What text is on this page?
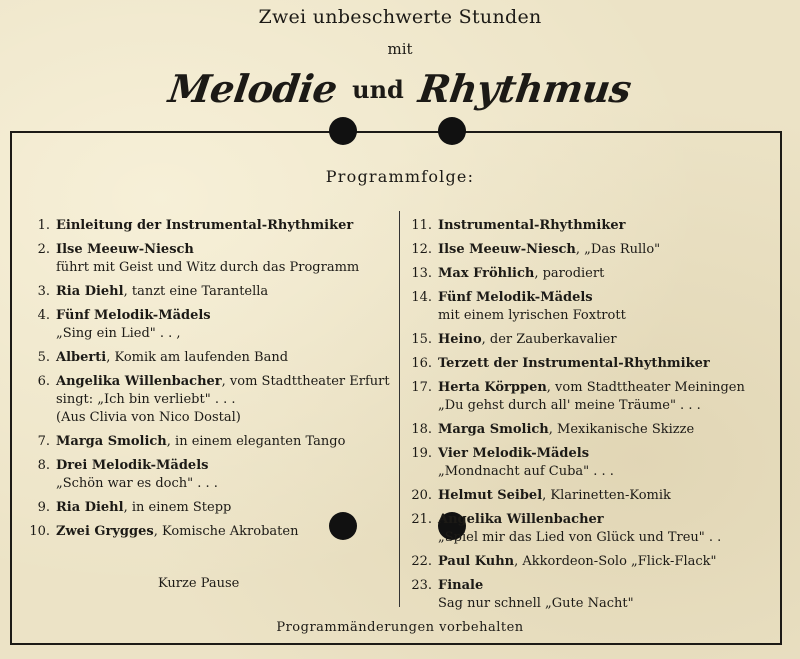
Zwei unbeschwerte Stunden
mit
Melodie und Rhythmus
Programmfolge:
1. Einleitung der Instrumental-Rhythmiker
2. Ilse Meeuw-Niesch
führt mit Geist und Witz durch das Programm
3. Ria Diehl, tanzt eine Tarantella
4. Fünf Melodik-Mädels
„Sing ein Lied" . . ,
5. Alberti, Komik am laufenden Band
6. Angelika Willenbacher, vom Stadttheater Erfurt
singt: „Ich bin verliebt" . . .
(Aus Clivia von Nico Dostal)
7. Marga Smolich, in einem eleganten Tango
8. Drei Melodik-Mädels
„Schön war es doch" . . .
9. Ria Diehl, in einem Stepp
10. Zwei Grygges, Komische Akrobaten
Kurze Pause
11. Instrumental-Rhythmiker
12. Ilse Meeuw-Niesch, „Das Rullo"
13. Max Fröhlich, parodiert
14. Fünf Melodik-Mädels
mit einem lyrischen Foxtrott
15. Heino, der Zauberkavalier
16. Terzett der Instrumental-Rhythmiker
17. Herta Körppen, vom Stadttheater Meiningen
„Du gehst durch all' meine Träume" . . .
18. Marga Smolich, Mexikanische Skizze
19. Vier Melodik-Mädels
„Mondnacht auf Cuba" . . .
20. Helmut Seibel, Klarinetten-Komik
21. Angelika Willenbacher
„Spiel mir das Lied von Glück und Treu" . .
22. Paul Kuhn, Akkordeon-Solo „Flick-Flack"
23. Finale
Sag nur schnell „Gute Nacht"
Programmänderungen vorbehalten
